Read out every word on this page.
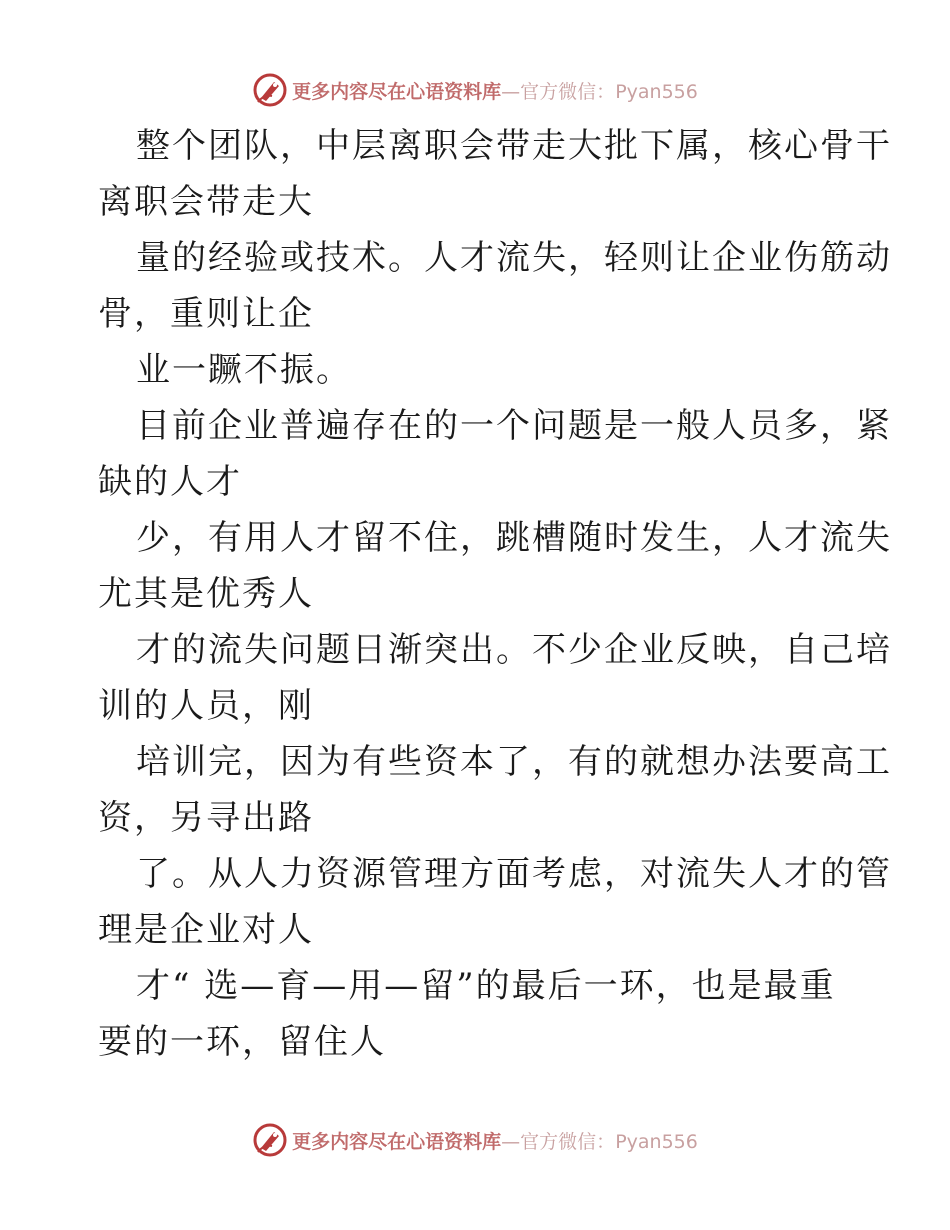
更多内容尽在心语资料库—官方微信：Pyan556
整个团队，中层离职会带走大批下属，核心骨干
离职会带走大
量的经验或技术。人才流失，轻则让企业伤筋动
骨，重则让企
业一蹶不振。
目前企业普遍存在的一个问题是一般人员多，紧
缺的人才
少，有用人才留不住，跳槽随时发生，人才流失
尤其是优秀人
才的流失问题日渐突出。不少企业反映，自己培
训的人员，刚
培训完，因为有些资本了，有的就想办法要高工
资，另寻出路
了。从人力资源管理方面考虑，对流失人才的管
理是企业对人
才“ 选—育—用—留”的最后一环，也是最重
要的一环，留住人
更多内容尽在心语资料库—官方微信：Pyan556
